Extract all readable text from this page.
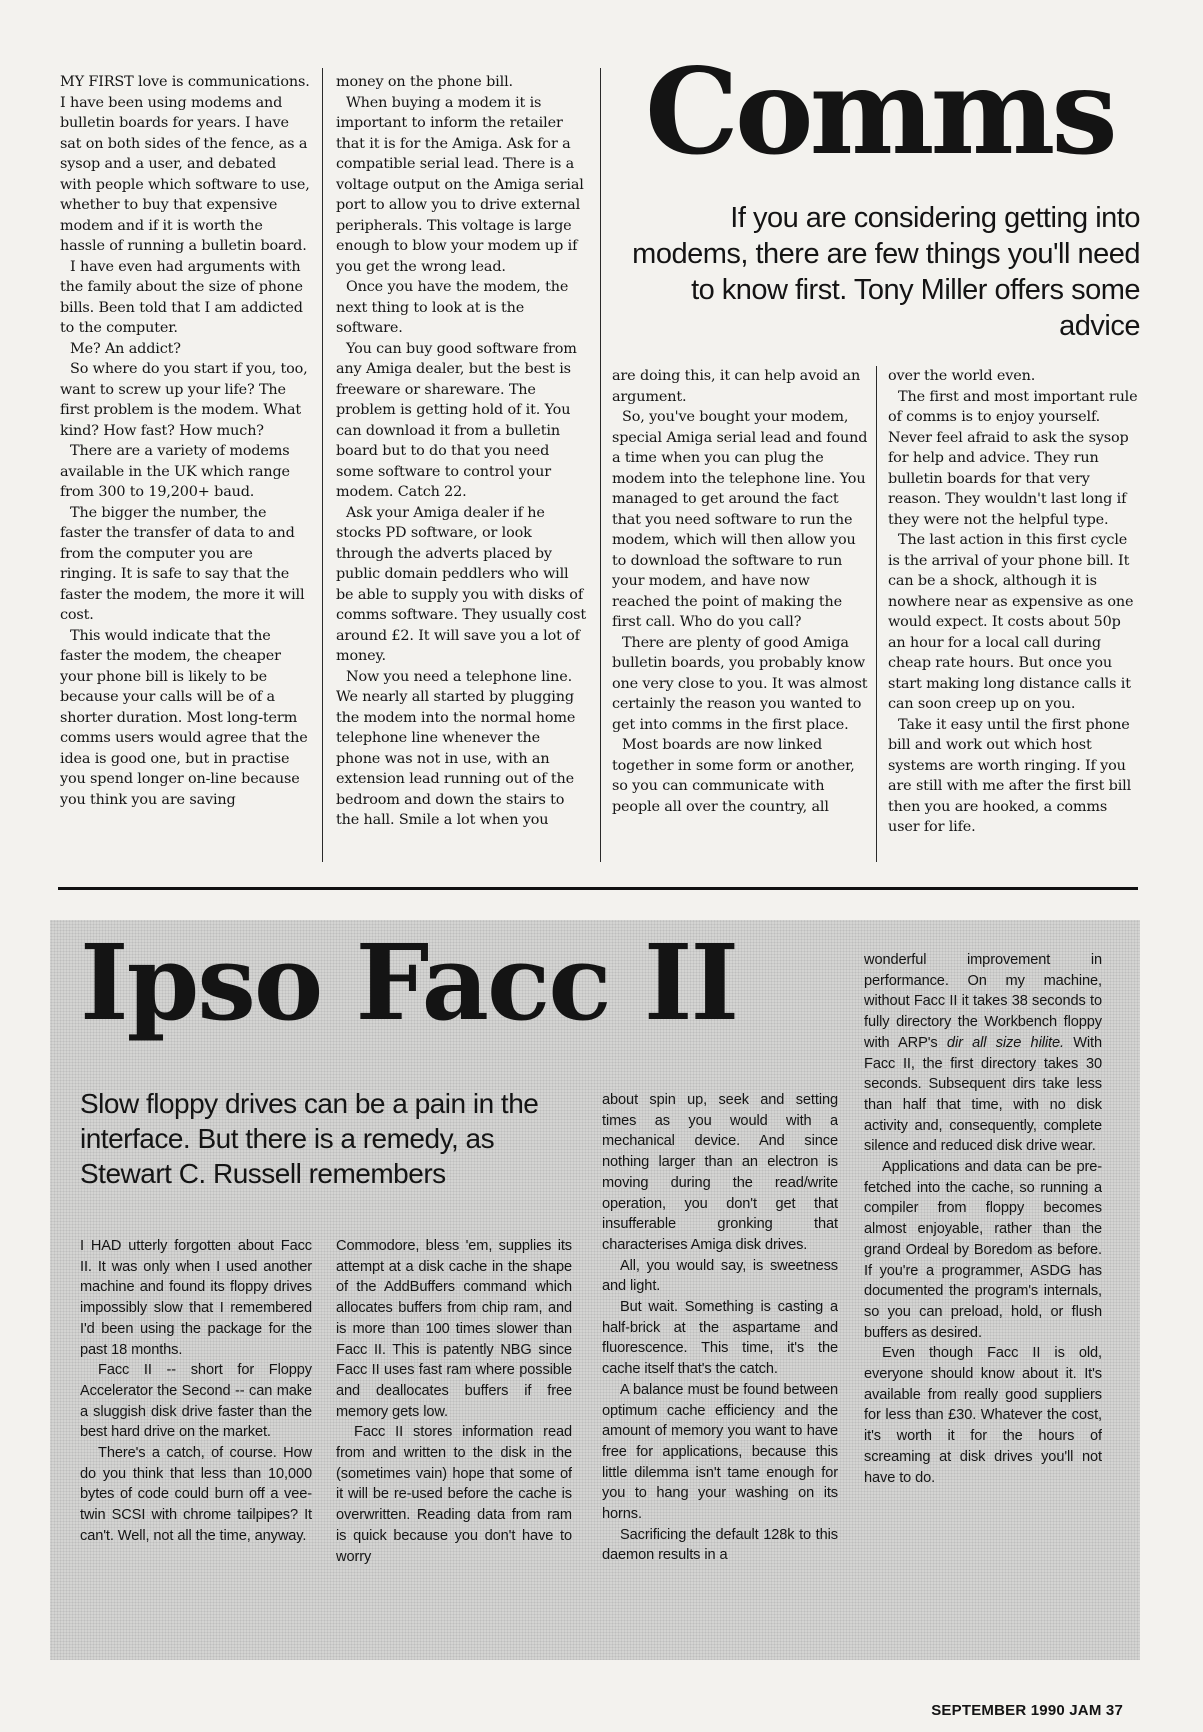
MY FIRST love is communications. I have been using modems and bulletin boards for years. I have sat on both sides of the fence, as a sysop and a user, and debated with people which software to use, whether to buy that expensive modem and if it is worth the hassle of running a bulletin board.

I have even had arguments with the family about the size of phone bills. Been told that I am addicted to the computer.

Me? An addict?

So where do you start if you, too, want to screw up your life? The first problem is the modem. What kind? How fast? How much?

There are a variety of modems available in the UK which range from 300 to 19,200+ baud.

The bigger the number, the faster the transfer of data to and from the computer you are ringing. It is safe to say that the faster the modem, the more it will cost.

This would indicate that the faster the modem, the cheaper your phone bill is likely to be because your calls will be of a shorter duration. Most long-term comms users would agree that the idea is good one, but in practise you spend longer on-line because you think you are saving

money on the phone bill.

When buying a modem it is important to inform the retailer that it is for the Amiga. Ask for a compatible serial lead. There is a voltage output on the Amiga serial port to allow you to drive external peripherals. This voltage is large enough to blow your modem up if you get the wrong lead.

Once you have the modem, the next thing to look at is the software.

You can buy good software from any Amiga dealer, but the best is freeware or shareware. The problem is getting hold of it. You can download it from a bulletin board but to do that you need some software to control your modem. Catch 22.

Ask your Amiga dealer if he stocks PD software, or look through the adverts placed by public domain peddlers who will be able to supply you with disks of comms software. They usually cost around £2. It will save you a lot of money.

Now you need a telephone line. We nearly all started by plugging the modem into the normal home telephone line whenever the phone was not in use, with an extension lead running out of the bedroom and down the stairs to the hall. Smile a lot when you

Comms

If you are considering getting into modems, there are few things you'll need to know first. Tony Miller offers some advice

are doing this, it can help avoid an argument.

So, you've bought your modem, special Amiga serial lead and found a time when you can plug the modem into the telephone line. You managed to get around the fact that you need software to run the modem, which will then allow you to download the software to run your modem, and have now reached the point of making the first call. Who do you call?

There are plenty of good Amiga bulletin boards, you probably know one very close to you. It was almost certainly the reason you wanted to get into comms in the first place.

Most boards are now linked together in some form or another, so you can communicate with people all over the country, all

over the world even.

The first and most important rule of comms is to enjoy yourself. Never feel afraid to ask the sysop for help and advice. They run bulletin boards for that very reason. They wouldn't last long if they were not the helpful type.

The last action in this first cycle is the arrival of your phone bill. It can be a shock, although it is nowhere near as expensive as one would expect. It costs about 50p an hour for a local call during cheap rate hours. But once you start making long distance calls it can soon creep up on you.

Take it easy until the first phone bill and work out which host systems are worth ringing. If you are still with me after the first bill then you are hooked, a comms user for life.

Ipso Facc II

Slow floppy drives can be a pain in the interface. But there is a remedy, as Stewart C. Russell remembers

I HAD utterly forgotten about Facc II. It was only when I used another machine and found its floppy drives impossibly slow that I remembered I'd been using the package for the past 18 months.

Facc II -- short for Floppy Accelerator the Second -- can make a sluggish disk drive faster than the best hard drive on the market.

There's a catch, of course. How do you think that less than 10,000 bytes of code could burn off a vee-twin SCSI with chrome tailpipes? It can't. Well, not all the time, anyway.

Commodore, bless 'em, supplies its attempt at a disk cache in the shape of the AddBuffers command which allocates buffers from chip ram, and is more than 100 times slower than Facc II. This is patently NBG since Facc II uses fast ram where possible and deallocates buffers if free memory gets low.

Facc II stores information read from and written to the disk in the (sometimes vain) hope that some of it will be re-used before the cache is overwritten. Reading data from ram is quick because you don't have to worry

about spin up, seek and setting times as you would with a mechanical device. And since nothing larger than an electron is moving during the read/write operation, you don't get that insufferable gronking that characterises Amiga disk drives.

All, you would say, is sweetness and light.

But wait. Something is casting a half-brick at the aspartame and fluorescence. This time, it's the cache itself that's the catch.

A balance must be found between optimum cache efficiency and the amount of memory you want to have free for applications, because this little dilemma isn't tame enough for you to hang your washing on its horns.

Sacrificing the default 128k to this daemon results in a

wonderful improvement in performance. On my machine, without Facc II it takes 38 seconds to fully directory the Workbench floppy with ARP's dir all size hilite. With Facc II, the first directory takes 30 seconds. Subsequent dirs take less than half that time, with no disk activity and, consequently, complete silence and reduced disk drive wear.

Applications and data can be pre-fetched into the cache, so running a compiler from floppy becomes almost enjoyable, rather than the grand Ordeal by Boredom as before. If you're a programmer, ASDG has documented the program's internals, so you can preload, hold, or flush buffers as desired.

Even though Facc II is old, everyone should know about it. It's available from really good suppliers for less than £30. Whatever the cost, it's worth it for the hours of screaming at disk drives you'll not have to do.

SEPTEMBER 1990 JAM 37
